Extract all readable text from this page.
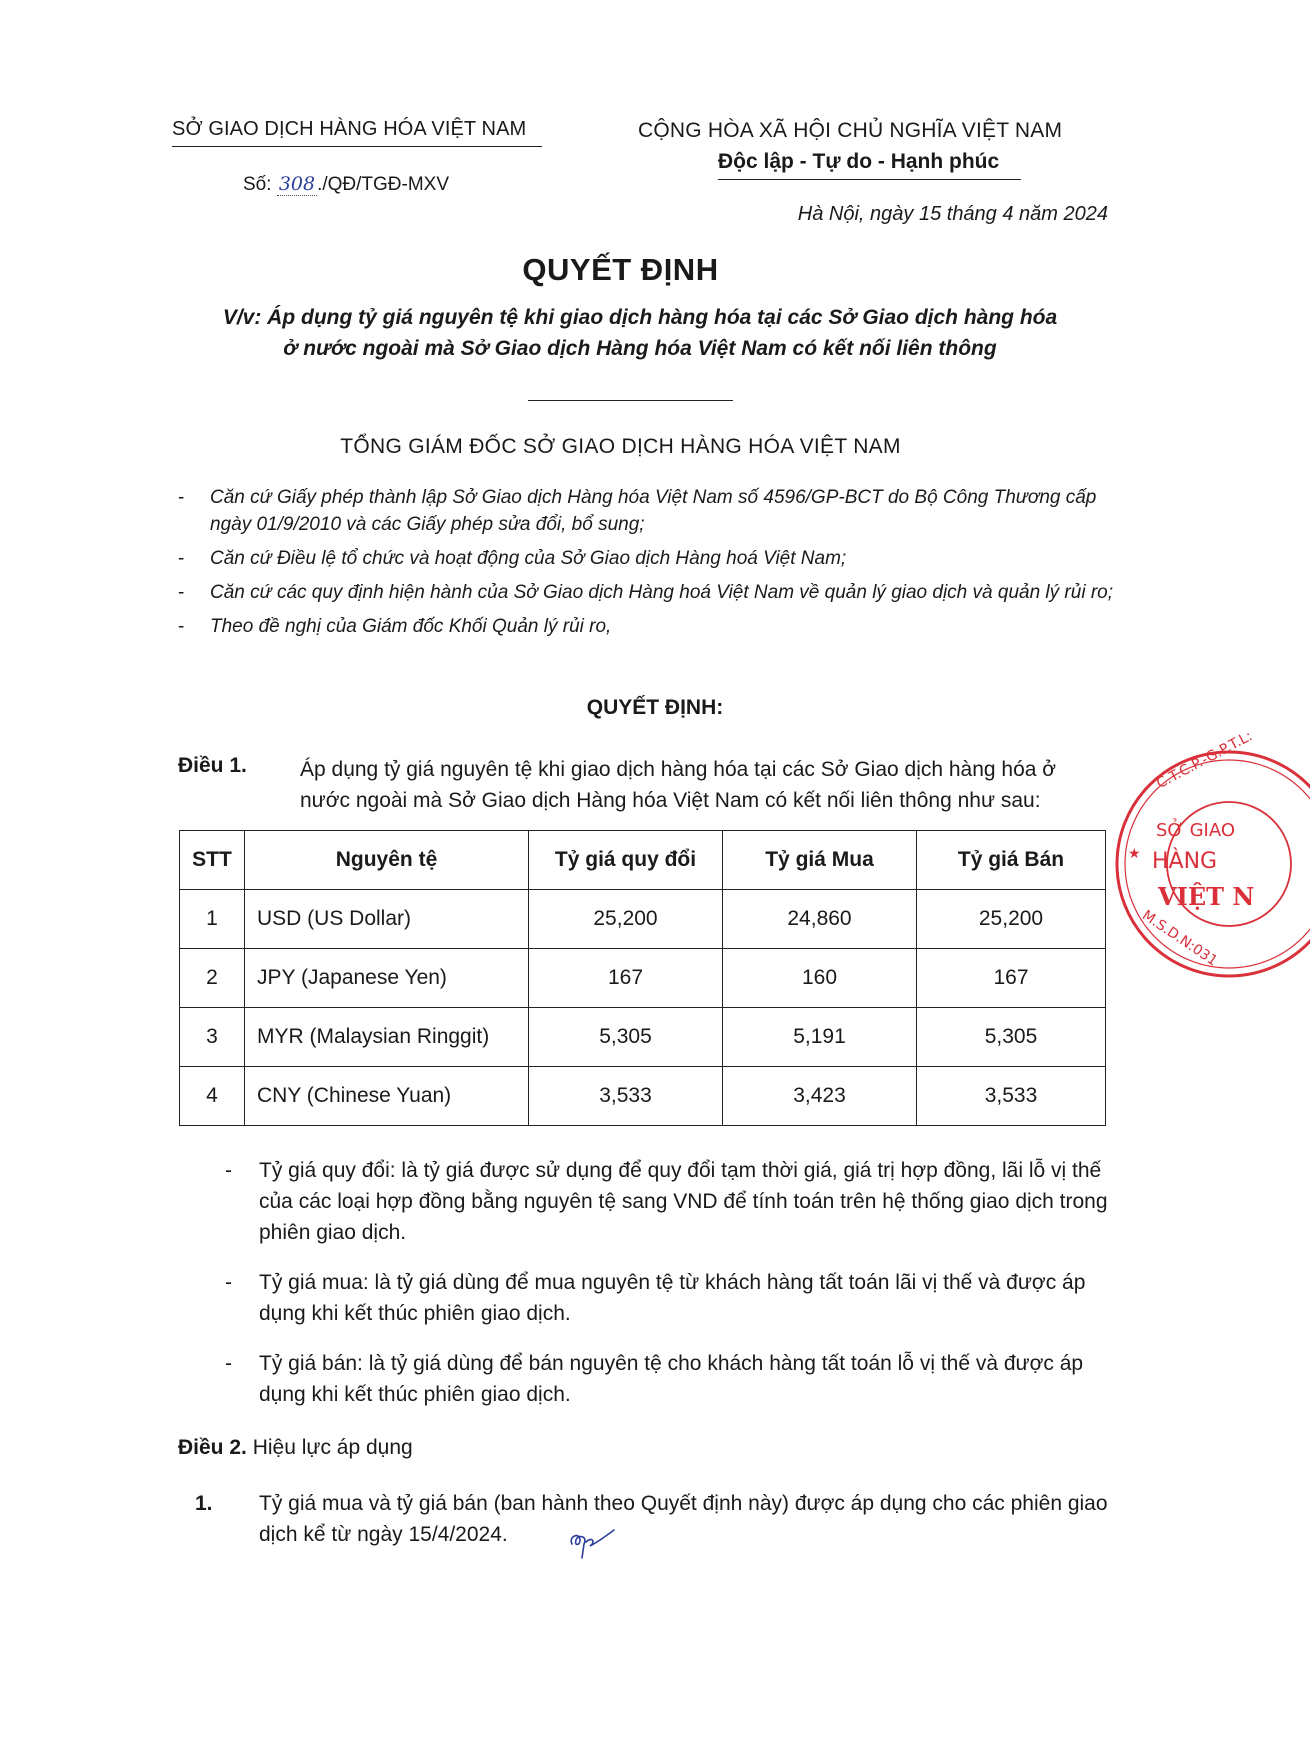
SỞ GIAO DỊCH HÀNG HÓA VIỆT NAM
Số: 308 ./QĐ/TGĐ-MXV
CỘNG HÒA XÃ HỘI CHỦ NGHĨA VIỆT NAM
Độc lập - Tự do - Hạnh phúc
Hà Nội, ngày 15 tháng 4 năm 2024
QUYẾT ĐỊNH
V/v: Áp dụng tỷ giá nguyên tệ khi giao dịch hàng hóa tại các Sở Giao dịch hàng hóa
ở nước ngoài mà Sở Giao dịch Hàng hóa Việt Nam có kết nối liên thông
TỔNG GIÁM ĐỐC SỞ GIAO DỊCH HÀNG HÓA VIỆT NAM
- Căn cứ Giấy phép thành lập Sở Giao dịch Hàng hóa Việt Nam số 4596/GP-BCT do Bộ Công Thương cấp ngày 01/9/2010 và các Giấy phép sửa đổi, bổ sung;
- Căn cứ Điều lệ tổ chức và hoạt động của Sở Giao dịch Hàng hoá Việt Nam;
- Căn cứ các quy định hiện hành của Sở Giao dịch Hàng hoá Việt Nam về quản lý giao dịch và quản lý rủi ro;
- Theo đề nghị của Giám đốc Khối Quản lý rủi ro,
QUYẾT ĐỊNH:
Điều 1.	Áp dụng tỷ giá nguyên tệ khi giao dịch hàng hóa tại các Sở Giao dịch hàng hóa ở nước ngoài mà Sở Giao dịch Hàng hóa Việt Nam có kết nối liên thông như sau:
STT	Nguyên tệ	Tỷ giá quy đổi	Tỷ giá Mua	Tỷ giá Bán
1	USD (US Dollar)	25,200	24,860	25,200
2	JPY (Japanese Yen)	167	160	167
3	MYR (Malaysian Ringgit)	5,305	5,191	5,305
4	CNY (Chinese Yuan)	3,533	3,423	3,533
- Tỷ giá quy đổi: là tỷ giá được sử dụng để quy đổi tạm thời giá, giá trị hợp đồng, lãi lỗ vị thế của các loại hợp đồng bằng nguyên tệ sang VND để tính toán trên hệ thống giao dịch trong phiên giao dịch.
- Tỷ giá mua: là tỷ giá dùng để mua nguyên tệ từ khách hàng tất toán lãi vị thế và được áp dụng khi kết thúc phiên giao dịch.
- Tỷ giá bán: là tỷ giá dùng để bán nguyên tệ cho khách hàng tất toán lỗ vị thế và được áp dụng khi kết thúc phiên giao dịch.
Điều 2. Hiệu lực áp dụng
1. Tỷ giá mua và tỷ giá bán (ban hành theo Quyết định này) được áp dụng cho các phiên giao dịch kể từ ngày 15/4/2024.
C.T.C.P.-G.P.T.L:
SỞ GIAO
HÀNG
VIỆT N
★
M.S.D.N:031
